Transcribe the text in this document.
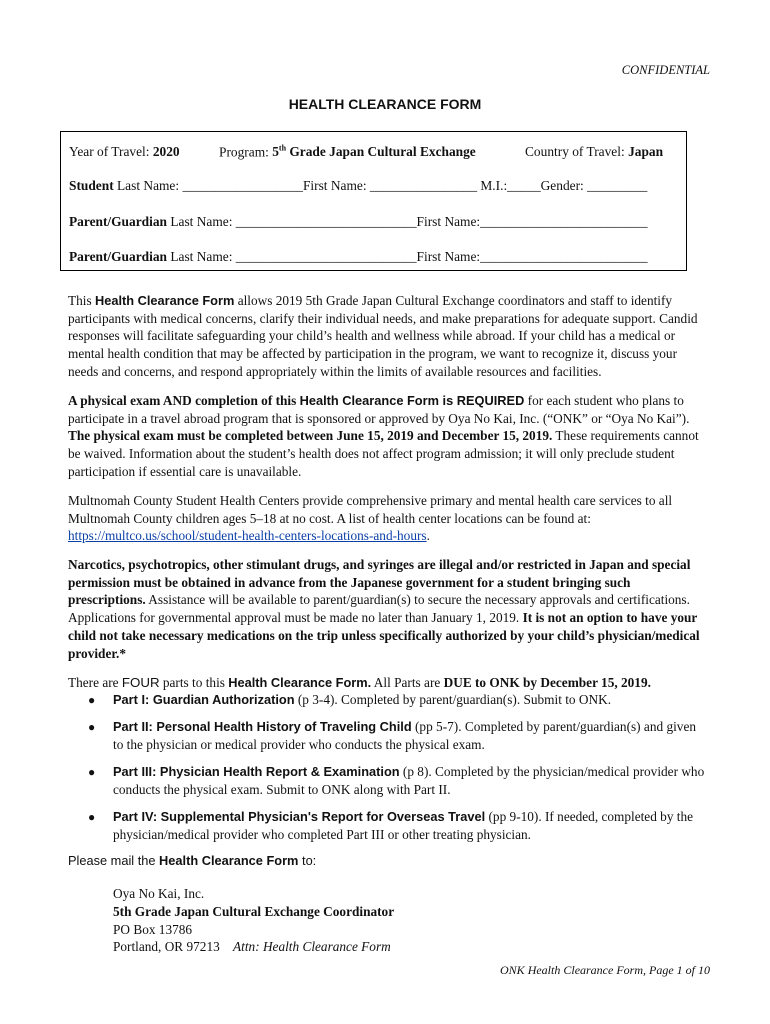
CONFIDENTIAL
HEALTH CLEARANCE FORM
Year of Travel: 2020	Program: 5th Grade Japan Cultural Exchange	Country of Travel: Japan
Student Last Name: __________________First Name: ________________ M.I.:_____Gender: _________
Parent/Guardian Last Name: ___________________________First Name:_________________________
Parent/Guardian Last Name: ___________________________First Name:_________________________
This Health Clearance Form allows 2019 5th Grade Japan Cultural Exchange coordinators and staff to identify participants with medical concerns, clarify their individual needs, and make preparations for adequate support. Candid responses will facilitate safeguarding your child’s health and wellness while abroad. If your child has a medical or mental health condition that may be affected by participation in the program, we want to recognize it, discuss your needs and concerns, and respond appropriately within the limits of available resources and facilities.
A physical exam AND completion of this Health Clearance Form is REQUIRED for each student who plans to participate in a travel abroad program that is sponsored or approved by Oya No Kai, Inc. (“ONK” or “Oya No Kai”). The physical exam must be completed between June 15, 2019 and December 15, 2019. These requirements cannot be waived. Information about the student’s health does not affect program admission; it will only preclude student participation if essential care is unavailable.
Multnomah County Student Health Centers provide comprehensive primary and mental health care services to all Multnomah County children ages 5–18 at no cost. A list of health center locations can be found at: https://multco.us/school/student-health-centers-locations-and-hours.
Narcotics, psychotropics, other stimulant drugs, and syringes are illegal and/or restricted in Japan and special permission must be obtained in advance from the Japanese government for a student bringing such prescriptions. Assistance will be available to parent/guardian(s) to secure the necessary approvals and certifications. Applications for governmental approval must be made no later than January 1, 2019. It is not an option to have your child not take necessary medications on the trip unless specifically authorized by your child’s physician/medical provider.*
There are FOUR parts to this Health Clearance Form. All Parts are DUE to ONK by December 15, 2019.
● Part I: Guardian Authorization (p 3-4). Completed by parent/guardian(s). Submit to ONK.
● Part II: Personal Health History of Traveling Child (pp 5-7). Completed by parent/guardian(s) and given to the physician or medical provider who conducts the physical exam.
● Part III: Physician Health Report & Examination (p 8). Completed by the physician/medical provider who conducts the physical exam. Submit to ONK along with Part II.
● Part IV: Supplemental Physician's Report for Overseas Travel (pp 9-10). If needed, completed by the physician/medical provider who completed Part III or other treating physician.
Please mail the Health Clearance Form to:
Oya No Kai, Inc.
5th Grade Japan Cultural Exchange Coordinator
PO Box 13786
Portland, OR 97213 Attn: Health Clearance Form
ONK Health Clearance Form, Page 1 of 10
